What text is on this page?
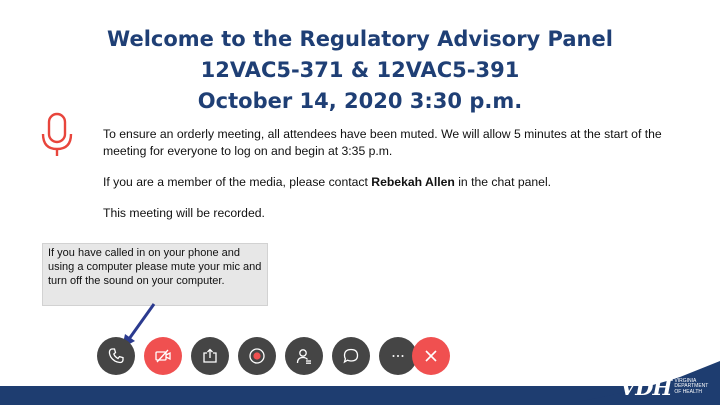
Welcome to the Regulatory Advisory Panel
12VAC5-371 & 12VAC5-391
October 14, 2020 3:30 p.m.

To ensure an orderly meeting, all attendees have been muted. We will allow 5 minutes at the start of the meeting for everyone to log on and begin at 3:35 p.m.

If you are a member of the media, please contact Rebekah Allen in the chat panel.

This meeting will be recorded.

If you have called in on your phone and using a computer please mute your mic and turn off the sound on your computer.
VDH VIRGINIA
DEPARTMENT
OF HEALTH
